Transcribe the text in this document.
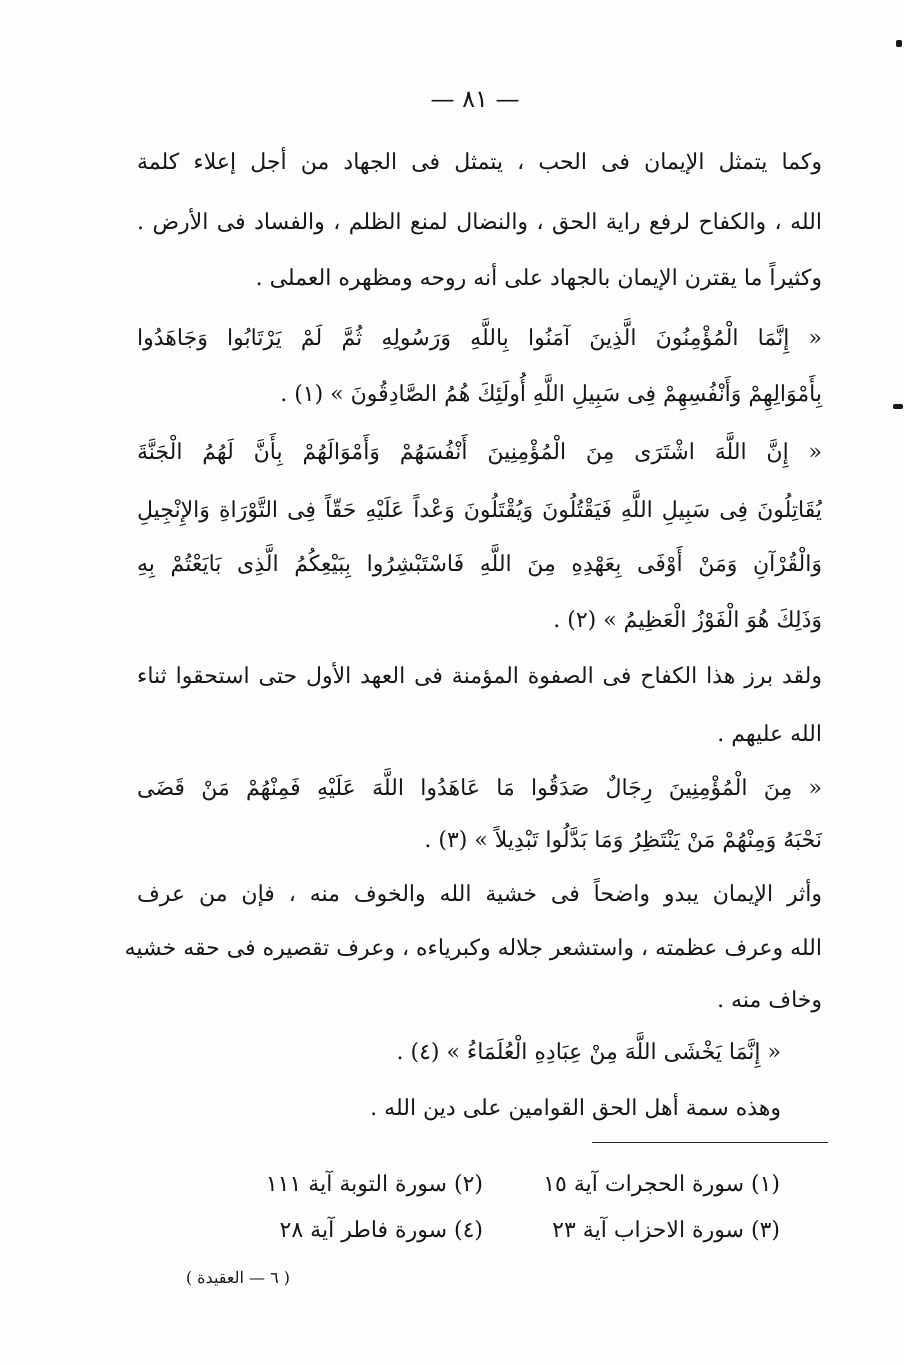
— ٨١ —
وكما يتمثل الإيمان فى الحب ، يتمثل فى الجهاد من أجل إعلاء كلمة
الله ، والكفاح لرفع راية الحق ، والنضال لمنع الظلم ، والفساد فى الأرض .
وكثيراً ما يقترن الإيمان بالجهاد على أنه روحه ومظهره العملى .
« إِنَّمَا الْمُؤْمِنُونَ الَّذِينَ آمَنُوا بِاللَّهِ وَرَسُولِهِ ثُمَّ لَمْ يَرْتَابُوا وَجَاهَدُوا
بِأَمْوَالِهِمْ وَأَنْفُسِهِمْ فِى سَبِيلِ اللَّهِ أُولَئِكَ هُمُ الصَّادِقُونَ » (١) .
« إِنَّ اللَّهَ اشْتَرَى مِنَ الْمُؤْمِنِينَ أَنْفُسَهُمْ وَأَمْوَالَهُمْ بِأَنَّ لَهُمُ الْجَنَّةَ
يُقَاتِلُونَ فِى سَبِيلِ اللَّهِ فَيَقْتُلُونَ وَيُقْتَلُونَ وَعْداً عَلَيْهِ حَقّاً فِى التَّوْرَاةِ وَالإِنْجِيلِ
وَالْقُرْآنِ وَمَنْ أَوْفَى بِعَهْدِهِ مِنَ اللَّهِ فَاسْتَبْشِرُوا بِبَيْعِكُمُ الَّذِى بَايَعْتُمْ بِهِ
وَذَلِكَ هُوَ الْفَوْزُ الْعَظِيمُ » (٢) .
ولقد برز هذا الكفاح فى الصفوة المؤمنة فى العهد الأول حتى استحقوا ثناء
الله عليهم .
« مِنَ الْمُؤْمِنِينَ رِجَالٌ صَدَقُوا مَا عَاهَدُوا اللَّهَ عَلَيْهِ فَمِنْهُمْ مَنْ قَضَى
نَحْبَهُ وَمِنْهُمْ مَنْ يَنْتَظِرُ وَمَا بَدَّلُوا تَبْدِيلاً » (٣) .
وأثر الإيمان يبدو واضحاً فى خشية الله والخوف منه ، فإن من عرف
الله وعرف عظمته ، واستشعر جلاله وكبرياءه ، وعرف تقصيره فى حقه خشيه
وخاف منه .
« إِنَّمَا يَخْشَى اللَّهَ مِنْ عِبَادِهِ الْعُلَمَاءُ » (٤) .
وهذه سمة أهل الحق القوامين على دين الله .
(١) سورة الحجرات آية ١٥
(٢) سورة التوبة آية ١١١
(٣) سورة الاحزاب آية ٢٣
(٤) سورة فاطر آية ٢٨
( ٦ — العقيدة )
